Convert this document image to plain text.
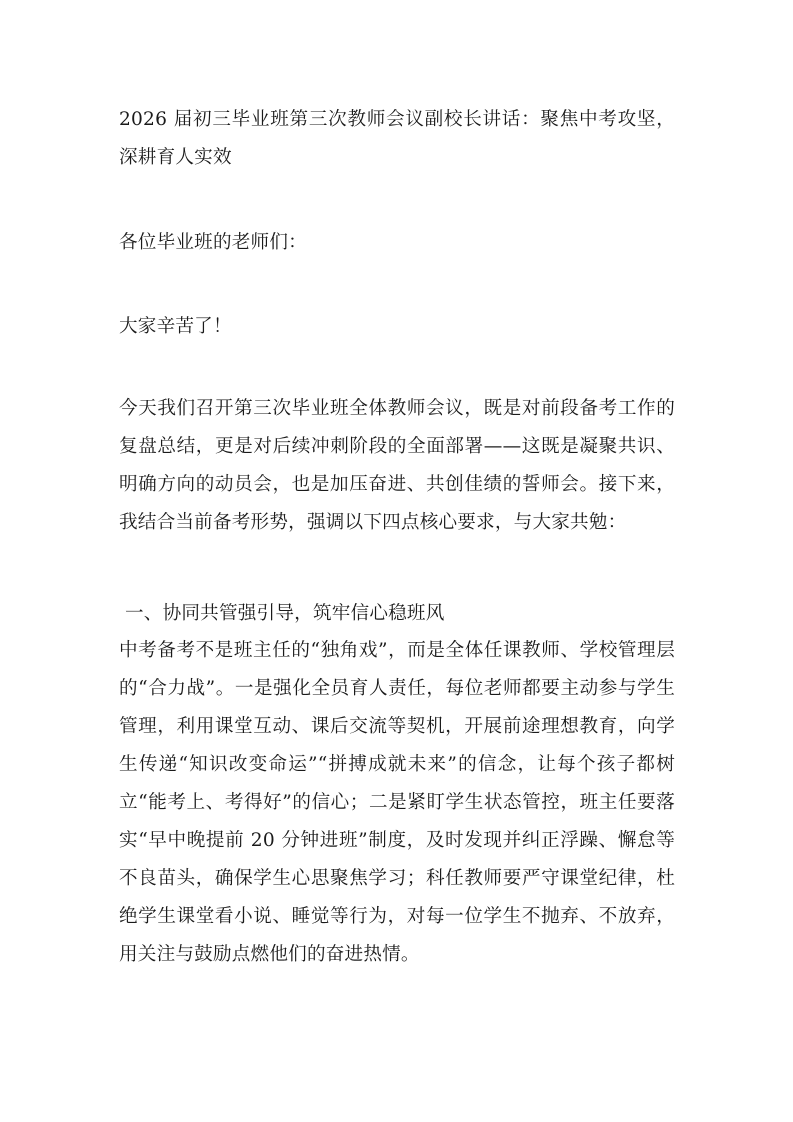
2026 届初三毕业班第三次教师会议副校长讲话：聚焦中考攻坚，深耕育人实效
各位毕业班的老师们：
大家辛苦了！
今天我们召开第三次毕业班全体教师会议，既是对前段备考工作的复盘总结，更是对后续冲刺阶段的全面部署——这既是凝聚共识、明确方向的动员会，也是加压奋进、共创佳绩的誓师会。接下来，我结合当前备考形势，强调以下四点核心要求，与大家共勉：
一、协同共管强引导，筑牢信心稳班风
中考备考不是班主任的“独角戏”，而是全体任课教师、学校管理层的“合力战”。一是强化全员育人责任，每位老师都要主动参与学生管理，利用课堂互动、课后交流等契机，开展前途理想教育，向学生传递“知识改变命运”“拼搏成就未来”的信念，让每个孩子都树立“能考上、考得好”的信心；二是紧盯学生状态管控，班主任要落实“早中晚提前 20 分钟进班”制度，及时发现并纠正浮躁、懈怠等不良苗头，确保学生心思聚焦学习；科任教师要严守课堂纪律，杜绝学生课堂看小说、睡觉等行为，对每一位学生不抛弃、不放弃，用关注与鼓励点燃他们的奋进热情。
